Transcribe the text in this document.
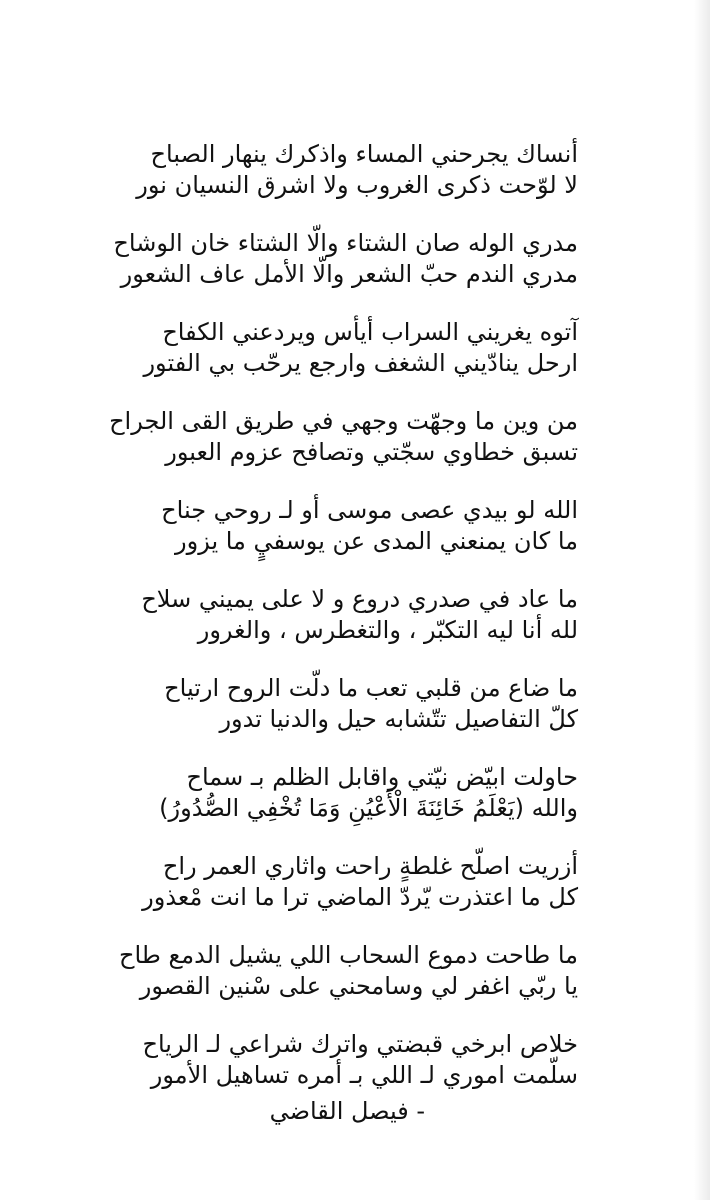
أنساك يجرحني المساء واذكرك ينهار الصباح
لا لوّحت ذكرى الغروب ولا اشرق النسيان نور
مدري الوله صان الشتاء والّا الشتاء خان الوشاح
مدري الندم حبّ الشعر والّا الأمل عاف الشعور
آتوه يغريني السراب أيأس ويردعني الكفاح
ارحل ينادّيني الشغف وارجع يرحّب بي الفتور
من وين ما وجهّت وجهي في طريق القى الجراح
تسبق خطاوي سجّتي وتصافح عزوم العبور
الله لو بيدي عصى موسى أو لـ روحي جناح
ما كان يمنعني المدى عن يوسفيٍ ما يزور
ما عاد في صدري دروع و لا على يميني سلاح
لله أنا ليه التكبّر ، والتغطرس ، والغرور
ما ضاع من قلبي تعب ما دلّت الروح ارتياح
كلّ التفاصيل تتّشابه حيل والدنيا تدور
حاولت ابيّض نيّتي واقابل الظلم بـ سماح
والله (يَعْلَمُ خَائِنَةَ الْأَعْيُنِ وَمَا تُخْفِي الصُّدُورُ)
أزريت اصلّح غلطةٍ راحت واثاري العمر راح
كل ما اعتذرت يّردّ الماضي ترا ما انت مْعذور
ما طاحت دموع السحاب اللي يشيل الدمع طاح
يا ربّي اغفر لي وسامحني على سْنين القصور
خلاص ابرخي قبضتي واترك شراعي لـ الرياح
سلّمت اموري لـ اللي بـ أمره تساهيل الأمور
- فيصل القاضي
